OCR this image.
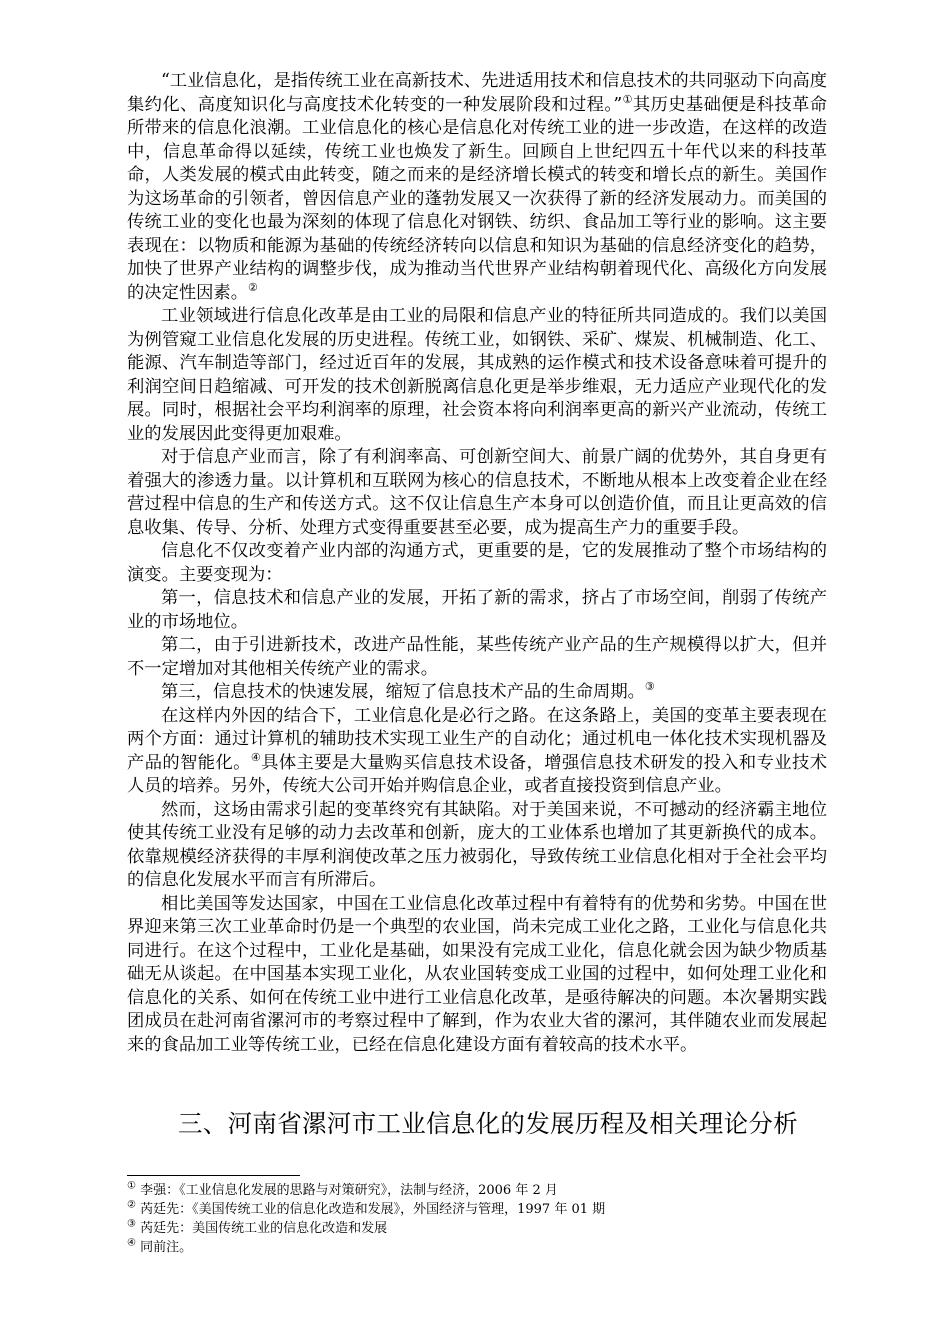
“工业信息化，是指传统工业在高新技术、先进适用技术和信息技术的共同驱动下向高度集约化、高度知识化与高度技术化转变的一种发展阶段和过程。”①其历史基础便是科技革命所带来的信息化浪潮。工业信息化的核心是信息化对传统工业的进一步改造，在这样的改造中，信息革命得以延续，传统工业也焕发了新生。回顾自上世纪四五十年代以来的科技革命，人类发展的模式由此转变，随之而来的是经济增长模式的转变和增长点的新生。美国作为这场革命的引领者，曾因信息产业的蓬勃发展又一次获得了新的经济发展动力。而美国的传统工业的变化也最为深刻的体现了信息化对钢铁、纺织、食品加工等行业的影响。这主要表现在：以物质和能源为基础的传统经济转向以信息和知识为基础的信息经济变化的趋势，加快了世界产业结构的调整步伐，成为推动当代世界产业结构朝着现代化、高级化方向发展的决定性因素。②

工业领域进行信息化改革是由工业的局限和信息产业的特征所共同造成的。我们以美国为例管窥工业信息化发展的历史进程。传统工业，如钢铁、采矿、煤炭、机械制造、化工、能源、汽车制造等部门，经过近百年的发展，其成熟的运作模式和技术设备意味着可提升的利润空间日趋缩减、可开发的技术创新脱离信息化更是举步维艰，无力适应产业现代化的发展。同时，根据社会平均利润率的原理，社会资本将向利润率更高的新兴产业流动，传统工业的发展因此变得更加艰难。

对于信息产业而言，除了有利润率高、可创新空间大、前景广阔的优势外，其自身更有着强大的渗透力量。以计算机和互联网为核心的信息技术，不断地从根本上改变着企业在经营过程中信息的生产和传送方式。这不仅让信息生产本身可以创造价值，而且让更高效的信息收集、传导、分析、处理方式变得重要甚至必要，成为提高生产力的重要手段。

信息化不仅改变着产业内部的沟通方式，更重要的是，它的发展推动了整个市场结构的演变。主要变现为：

第一，信息技术和信息产业的发展，开拓了新的需求，挤占了市场空间，削弱了传统产业的市场地位。

第二，由于引进新技术，改进产品性能，某些传统产业产品的生产规模得以扩大，但并不一定增加对其他相关传统产业的需求。

第三，信息技术的快速发展，缩短了信息技术产品的生命周期。③

在这样内外因的结合下，工业信息化是必行之路。在这条路上，美国的变革主要表现在两个方面：通过计算机的辅助技术实现工业生产的自动化；通过机电一体化技术实现机器及产品的智能化。④具体主要是大量购买信息技术设备，增强信息技术研发的投入和专业技术人员的培养。另外，传统大公司开始并购信息企业，或者直接投资到信息产业。

然而，这场由需求引起的变革终究有其缺陷。对于美国来说，不可撼动的经济霸主地位使其传统工业没有足够的动力去改革和创新，庞大的工业体系也增加了其更新换代的成本。依靠规模经济获得的丰厚利润使改革之压力被弱化，导致传统工业信息化相对于全社会平均的信息化发展水平而言有所滞后。

相比美国等发达国家，中国在工业信息化改革过程中有着特有的优势和劣势。中国在世界迎来第三次工业革命时仍是一个典型的农业国，尚未完成工业化之路，工业化与信息化共同进行。在这个过程中，工业化是基础，如果没有完成工业化，信息化就会因为缺少物质基础无从谈起。在中国基本实现工业化，从农业国转变成工业国的过程中，如何处理工业化和信息化的关系、如何在传统工业中进行工业信息化改革，是亟待解决的问题。本次暑期实践团成员在赴河南省漯河市的考察过程中了解到，作为农业大省的漯河，其伴随农业而发展起来的食品加工业等传统工业，已经在信息化建设方面有着较高的技术水平。

三、河南省漯河市工业信息化的发展历程及相关理论分析
① 李强：《工业信息化发展的思路与对策研究》，法制与经济，2006 年 2 月
② 芮廷先：《美国传统工业的信息化改造和发展》，外国经济与管理，1997 年 01 期
③ 芮廷先：美国传统工业的信息化改造和发展
④ 同前注。
